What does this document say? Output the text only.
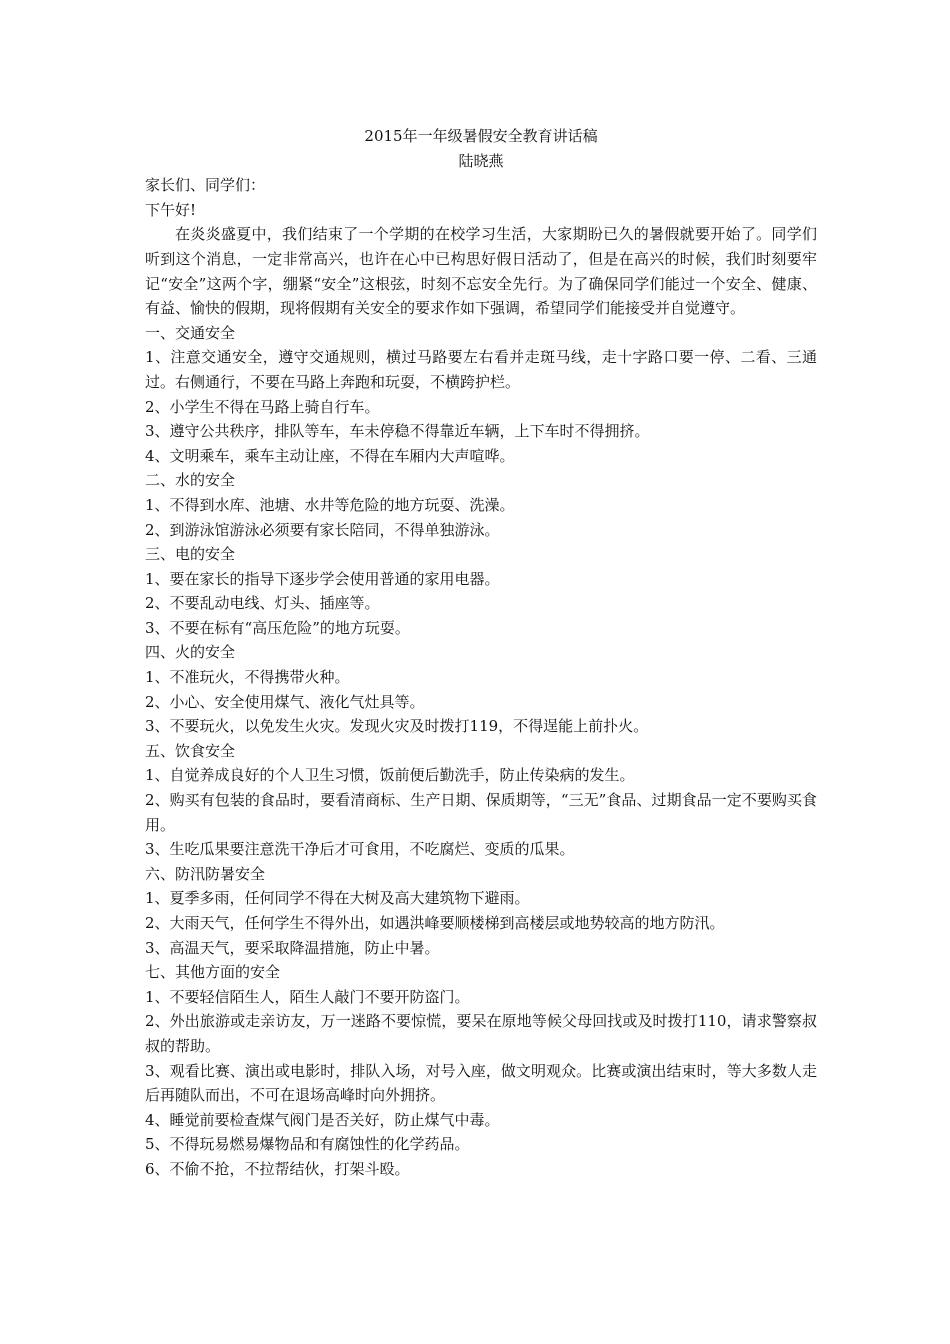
2015年一年级暑假安全教育讲话稿
陆晓燕
家长们、同学们：
下午好!
在炎炎盛夏中，我们结束了一个学期的在校学习生活，大家期盼已久的暑假就要开始了。同学们听到这个消息，一定非常高兴，也许在心中已构思好假日活动了，但是在高兴的时候，我们时刻要牢记“安全”这两个字，绷紧“安全”这根弦，时刻不忘安全先行。为了确保同学们能过一个安全、健康、有益、愉快的假期，现将假期有关安全的要求作如下强调，希望同学们能接受并自觉遵守。
一、交通安全
1、注意交通安全，遵守交通规则，横过马路要左右看并走斑马线，走十字路口要一停、二看、三通过。右侧通行，不要在马路上奔跑和玩耍，不横跨护栏。
2、小学生不得在马路上骑自行车。
3、遵守公共秩序，排队等车，车未停稳不得靠近车辆，上下车时不得拥挤。
4、文明乘车，乘车主动让座，不得在车厢内大声喧哗。
二、水的安全
1、不得到水库、池塘、水井等危险的地方玩耍、洗澡。
2、到游泳馆游泳必须要有家长陪同，不得单独游泳。
三、电的安全
1、要在家长的指导下逐步学会使用普通的家用电器。
2、不要乱动电线、灯头、插座等。
3、不要在标有“高压危险”的地方玩耍。
四、火的安全
1、不准玩火，不得携带火种。
2、小心、安全使用煤气、液化气灶具等。
3、不要玩火，以免发生火灾。发现火灾及时拨打119，不得逞能上前扑火。
五、饮食安全
1、自觉养成良好的个人卫生习惯，饭前便后勤洗手，防止传染病的发生。
2、购买有包装的食品时，要看清商标、生产日期、保质期等，“三无”食品、过期食品一定不要购买食用。
3、生吃瓜果要注意洗干净后才可食用，不吃腐烂、变质的瓜果。
六、防汛防暑安全
1、夏季多雨，任何同学不得在大树及高大建筑物下避雨。
2、大雨天气，任何学生不得外出，如遇洪峰要顺楼梯到高楼层或地势较高的地方防汛。
3、高温天气，要采取降温措施，防止中暑。
七、其他方面的安全
1、不要轻信陌生人，陌生人敲门不要开防盗门。
2、外出旅游或走亲访友，万一迷路不要惊慌，要呆在原地等候父母回找或及时拨打110，请求警察叔叔的帮助。
3、观看比赛、演出或电影时，排队入场，对号入座，做文明观众。比赛或演出结束时，等大多数人走后再随队而出，不可在退场高峰时向外拥挤。
4、睡觉前要检查煤气阀门是否关好，防止煤气中毒。
5、不得玩易燃易爆物品和有腐蚀性的化学药品。
6、不偷不抢，不拉帮结伙，打架斗殴。
